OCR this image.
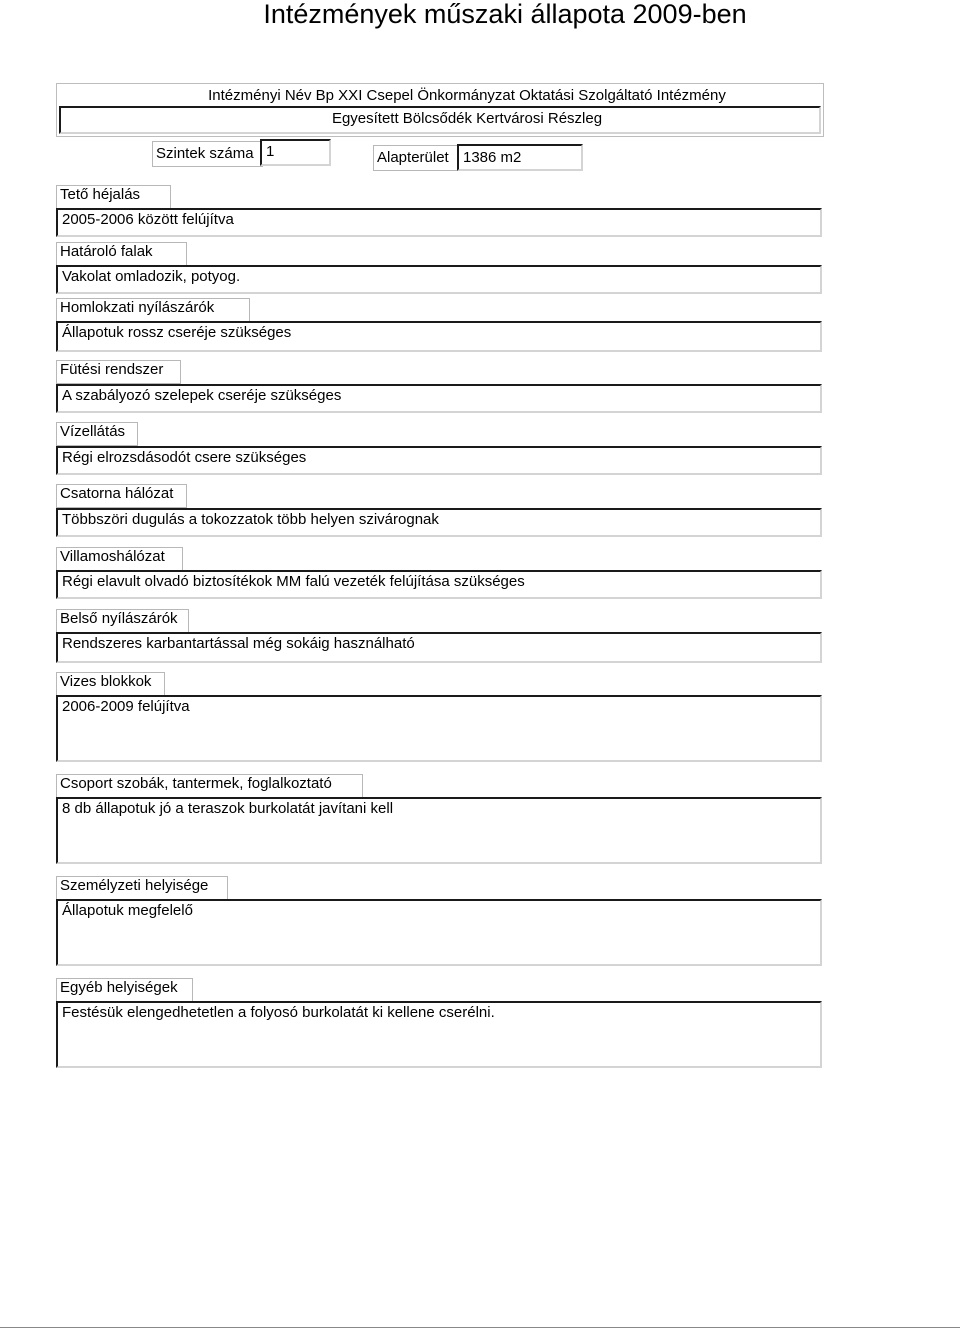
Intézmények műszaki állapota 2009-ben
Intézményi Név Bp XXI Csepel Önkormányzat Oktatási Szolgáltató Intézmény
Egyesített Bölcsődék Kertvárosi Részleg
Szintek száma 1	Alapterület 1386 m2
Tető héjalás
2005-2006 között felújítva
Határoló falak
Vakolat omladozik, potyog.
Homlokzati nyílászárók
Állapotuk rossz cseréje szükséges
Fütési rendszer
A szabályozó szelepek cseréje szükséges
Vízellátás
Régi elrozsdásodót csere szükséges
Csatorna hálózat
Többszöri dugulás a tokozzatok több helyen szivárognak
Villamoshálózat
Régi elavult olvadó biztosítékok MM falú vezeték felújítása szükséges
Belső nyílászárók
Rendszeres karbantartással még sokáig használható
Vizes blokkok
2006-2009 felújítva
Csoport szobák, tantermek, foglalkoztató
8 db állapotuk jó a teraszok burkolatát javítani kell
Személyzeti helyisége
Állapotuk megfelelő
Egyéb helyiségek
Festésük elengedhetetlen a folyosó burkolatát ki kellene cserélni.
